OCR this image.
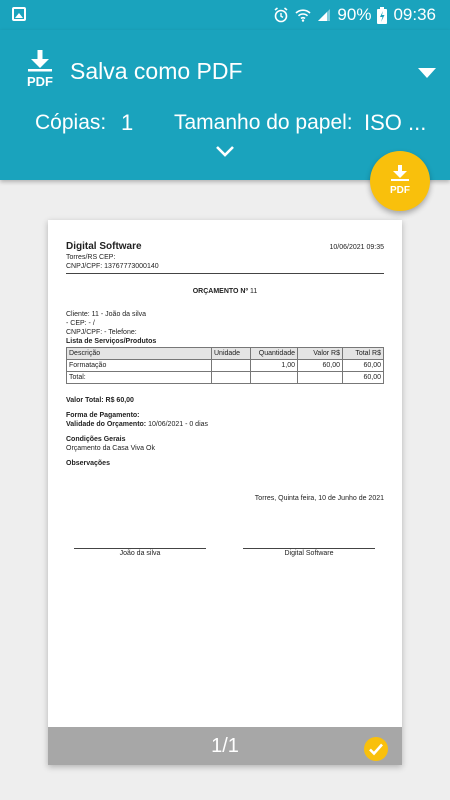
90% 09:36
PDF Salva como PDF
Cópias: 1 Tamanho do papel: ISO ...
PDF
Digital Software	10/06/2021 09:35
Torres/RS CEP:
CNPJ/CPF: 13767773000140
ORÇAMENTO Nº 11
Cliente: 11 - João da silva
- CEP: - /
CNPJ/CPF: - Telefone:
Lista de Serviços/Produtos
Descrição	Unidade	Quantidade	Valor R$	Total R$
Formatação		1,00	60,00	60,00
Total:				60,00
Valor Total: R$ 60,00
Forma de Pagamento:
Validade do Orçamento: 10/06/2021 - 0 dias
Condições Gerais
Orçamento da Casa Viva Ok
Observações
Torres, Quinta feira, 10 de Junho de 2021
João da silva	Digital Software
1/1
